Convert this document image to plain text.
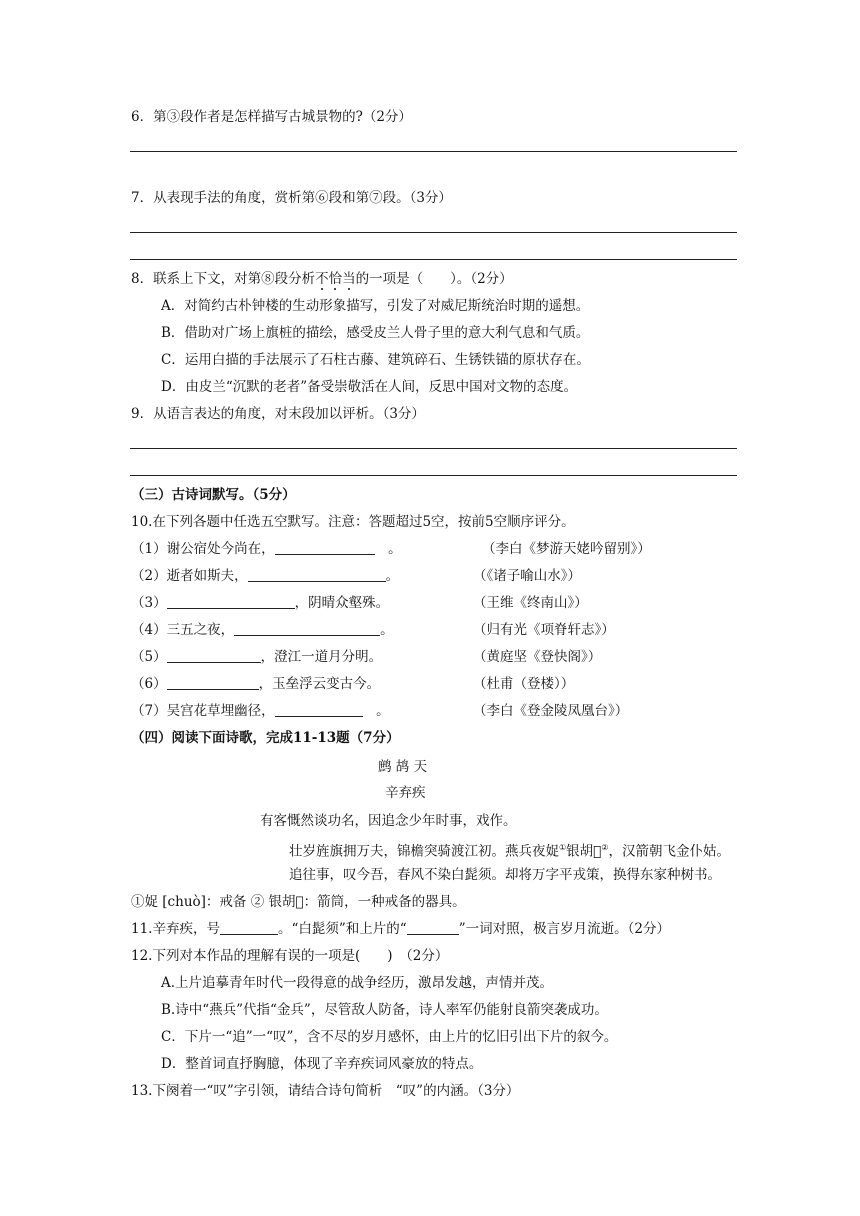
6．第③段作者是怎样描写古城景物的?（2分）
7．从表现手法的角度，赏析第⑥段和第⑦段。（3分）
8．联系上下文，对第⑧段分析不恰当的一项是（　　）。（2分）
A．对简约古朴钟楼的生动形象描写，引发了对威尼斯统治时期的遥想。
B．借助对广场上旗桩的描绘，感受皮兰人骨子里的意大利气息和气质。
C．运用白描的手法展示了石柱古藤、建筑碎石、生锈铁锚的原状存在。
D．由皮兰“沉默的老者”备受崇敬活在人间，反思中国对文物的态度。
9．从语言表达的角度，对末段加以评析。（3分）
（三）古诗词默写。（5分）
10.在下列各题中任选五空默写。注意：答题超过5空，按前5空顺序评分。
（1）谢公宿处今尚在，	　。	（李白《梦游天姥吟留别》）
（2）逝者如斯夫，	。	（《诸子喻山水》）
（3）	，阴晴众壑殊。	（王维《终南山》）
（4）三五之夜，	。	（归有光《项脊轩志》）
（5）	，澄江一道月分明。	（黄庭坚《登快阁》）
（6）	，玉垒浮云变古今。	（杜甫（登楼））
（7）吴宫花草埋幽径，	　。	（李白《登金陵凤凰台》）
（四）阅读下面诗歌，完成11-13题（7分）
鹧 鸪 天
辛弃疾
有客慨然谈功名，因追念少年时事，戏作。
壮岁旌旗拥万夫，锦檐突骑渡江初。燕兵夜娖①银胡𫗱②，汉箭朝飞金仆姑。
追往事，叹今吾，春风不染白髭须。却将万字平戎策，换得东家种树书。
①娖 [chuò]：戒备 ② 银胡𫗱：箭筒，一种戒备的器具。
11.辛弃疾，号	。“白髭须”和上片的“	”一词对照，极言岁月流逝。（2分）
12.下列对本作品的理解有误的一项是(　　)　（2分）
A.上片追摹青年时代一段得意的战争经历，激昂发越，声情并茂。
B.诗中“燕兵”代指“金兵”，尽管敌人防备，诗人率军仍能射良箭突袭成功。
C．下片一“追”一“叹”，含不尽的岁月感怀，由上片的忆旧引出下片的叙今。
D．整首词直抒胸臆，体现了辛弃疾词风豪放的特点。
13.下阕着一“叹”字引领，请结合诗句简析　“叹”的内涵。（3分）
